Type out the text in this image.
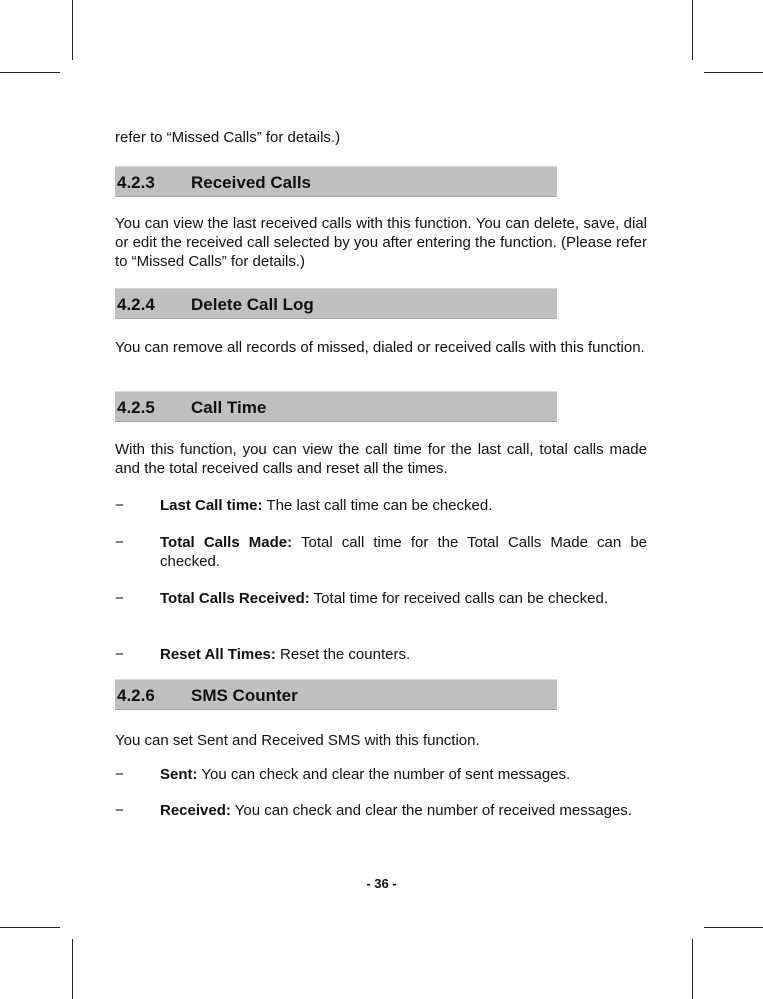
refer to “Missed Calls” for details.)

4.2.3 Received Calls

You can view the last received calls with this function. You can delete, save, dial or edit the received call selected by you after entering the function. (Please refer to “Missed Calls” for details.)

4.2.4 Delete Call Log

You can remove all records of missed, dialed or received calls with this function.

4.2.5 Call Time

With this function, you can view the call time for the last call, total calls made and the total received calls and reset all the times.

− Last Call time: The last call time can be checked.
− Total Calls Made: Total call time for the Total Calls Made can be checked.
− Total Calls Received: Total time for received calls can be checked.
− Reset All Times: Reset the counters.
4.2.6 SMS Counter

You can set Sent and Received SMS with this function.

− Sent: You can check and clear the number of sent messages.
− Received: You can check and clear the number of received messages.
- 36 -
